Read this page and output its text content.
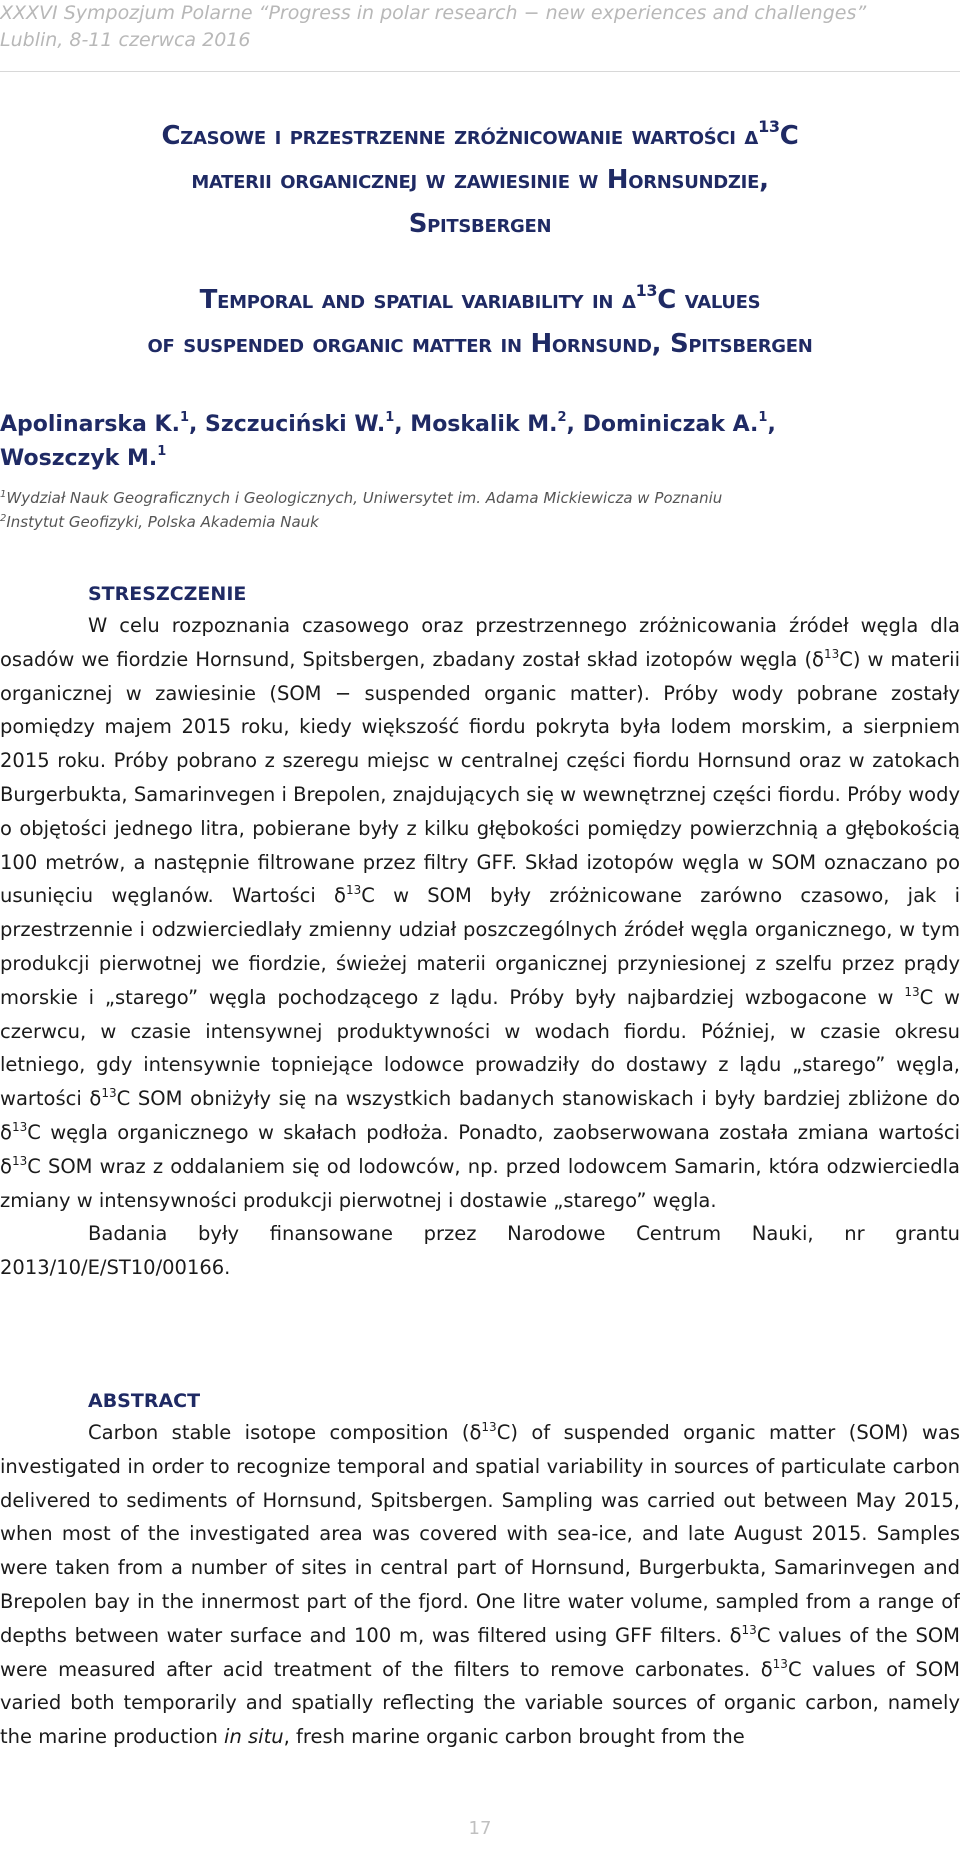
XXXVI Sympozjum Polarne “Progress in polar research − new experiences and challenges”
Lublin, 8-11 czerwca 2016
Czasowe i przestrzenne zróżnicowanie wartości $\delta^{13}C$
materii organicznej w zawiesinie w Hornsundzie,
Spitsbergen
Temporal and spatial variability in $\delta^{13}C$ values
of suspended organic matter in Hornsund, Spitsbergen
Apolinarska K.$^1$, Szczuciński W.$^1$, Moskalik M.$^2$, Dominiczak A.$^1$,
Woszczyk M.$^1$
$^1$Wydział Nauk Geograficznych i Geologicznych, Uniwersytet im. Adama Mickiewicza w Poznaniu
$^2$Instytut Geofizyki, Polska Akademia Nauk
STRESZCZENIE

W celu rozpoznania czasowego oraz przestrzennego zróżnicowania źródeł węgla dla osadów we fiordzie Hornsund, Spitsbergen, zbadany został skład izotopów węgla $(\delta^{13}C)$ w materii organicznej w zawiesinie (SOM − suspended organic matter). Próby wody pobrane zostały pomiędzy majem 2015 roku, kiedy większość fiordu pokryta była lodem morskim, a sierpniem 2015 roku. Próby pobrano z szeregu miejsc w centralnej części fiordu Hornsund oraz w zatokach Burgerbukta, Samarinvegen i Brepolen, znajdujących się w wewnętrznej części fiordu. Próby wody o objętości jednego litra, pobierane były z kilku głębokości pomiędzy powierzchnią a głębokością 100 metrów, a następnie filtrowane przez filtry GFF. Skład izotopów węgla w SOM oznaczano po usunięciu węglanów. Wartości $\delta^{13}C$ w SOM były zróżnicowane zarówno czasowo, jak i przestrzennie i odzwierciedlały zmienny udział poszczególnych źródeł węgla organicznego, w tym produkcji pierwotnej we fiordzie, świeżej materii organicznej przyniesionej z szelfu przez prądy morskie i „starego” węgla pochodzącego z lądu. Próby były najbardziej wzbogacone w $^{13}$C w czerwcu, w czasie intensywnej produktywności w wodach fiordu. Później, w czasie okresu letniego, gdy intensywnie topniejące lodowce prowadziły do dostawy z lądu „starego” węgla, wartości $\delta^{13}C$ SOM obniżyły się na wszystkich badanych stanowiskach i były bardziej zbliżone do $\delta^{13}C$ węgla organicznego w skałach podłoża. Ponadto, zaobserwowana została zmiana wartości $\delta^{13}C$ SOM wraz z oddalaniem się od lodowców, np. przed lodowcem Samarin, która odzwierciedla zmiany w intensywności produkcji pierwotnej i dostawie „starego” węgla.

Badania były finansowane przez Narodowe Centrum Nauki, nr grantu 2013/10/E/ST10/00166.

ABSTRACT

Carbon stable isotope composition $(\delta^{13}C)$ of suspended organic matter (SOM) was investigated in order to recognize temporal and spatial variability in sources of particulate carbon delivered to sediments of Hornsund, Spitsbergen. Sampling was carried out between May 2015, when most of the investigated area was covered with sea-ice, and late August 2015. Samples were taken from a number of sites in central part of Hornsund, Burgerbukta, Samarinvegen and Brepolen bay in the innermost part of the fjord. One litre water volume, sampled from a range of depths between water surface and 100 m, was filtered using GFF filters. $\delta^{13}C$ values of the SOM were measured after acid treatment of the filters to remove carbonates. $\delta^{13}C$ values of SOM varied both temporarily and spatially reflecting the variable sources of organic carbon, namely the marine production in situ, fresh marine organic carbon brought from the

17
